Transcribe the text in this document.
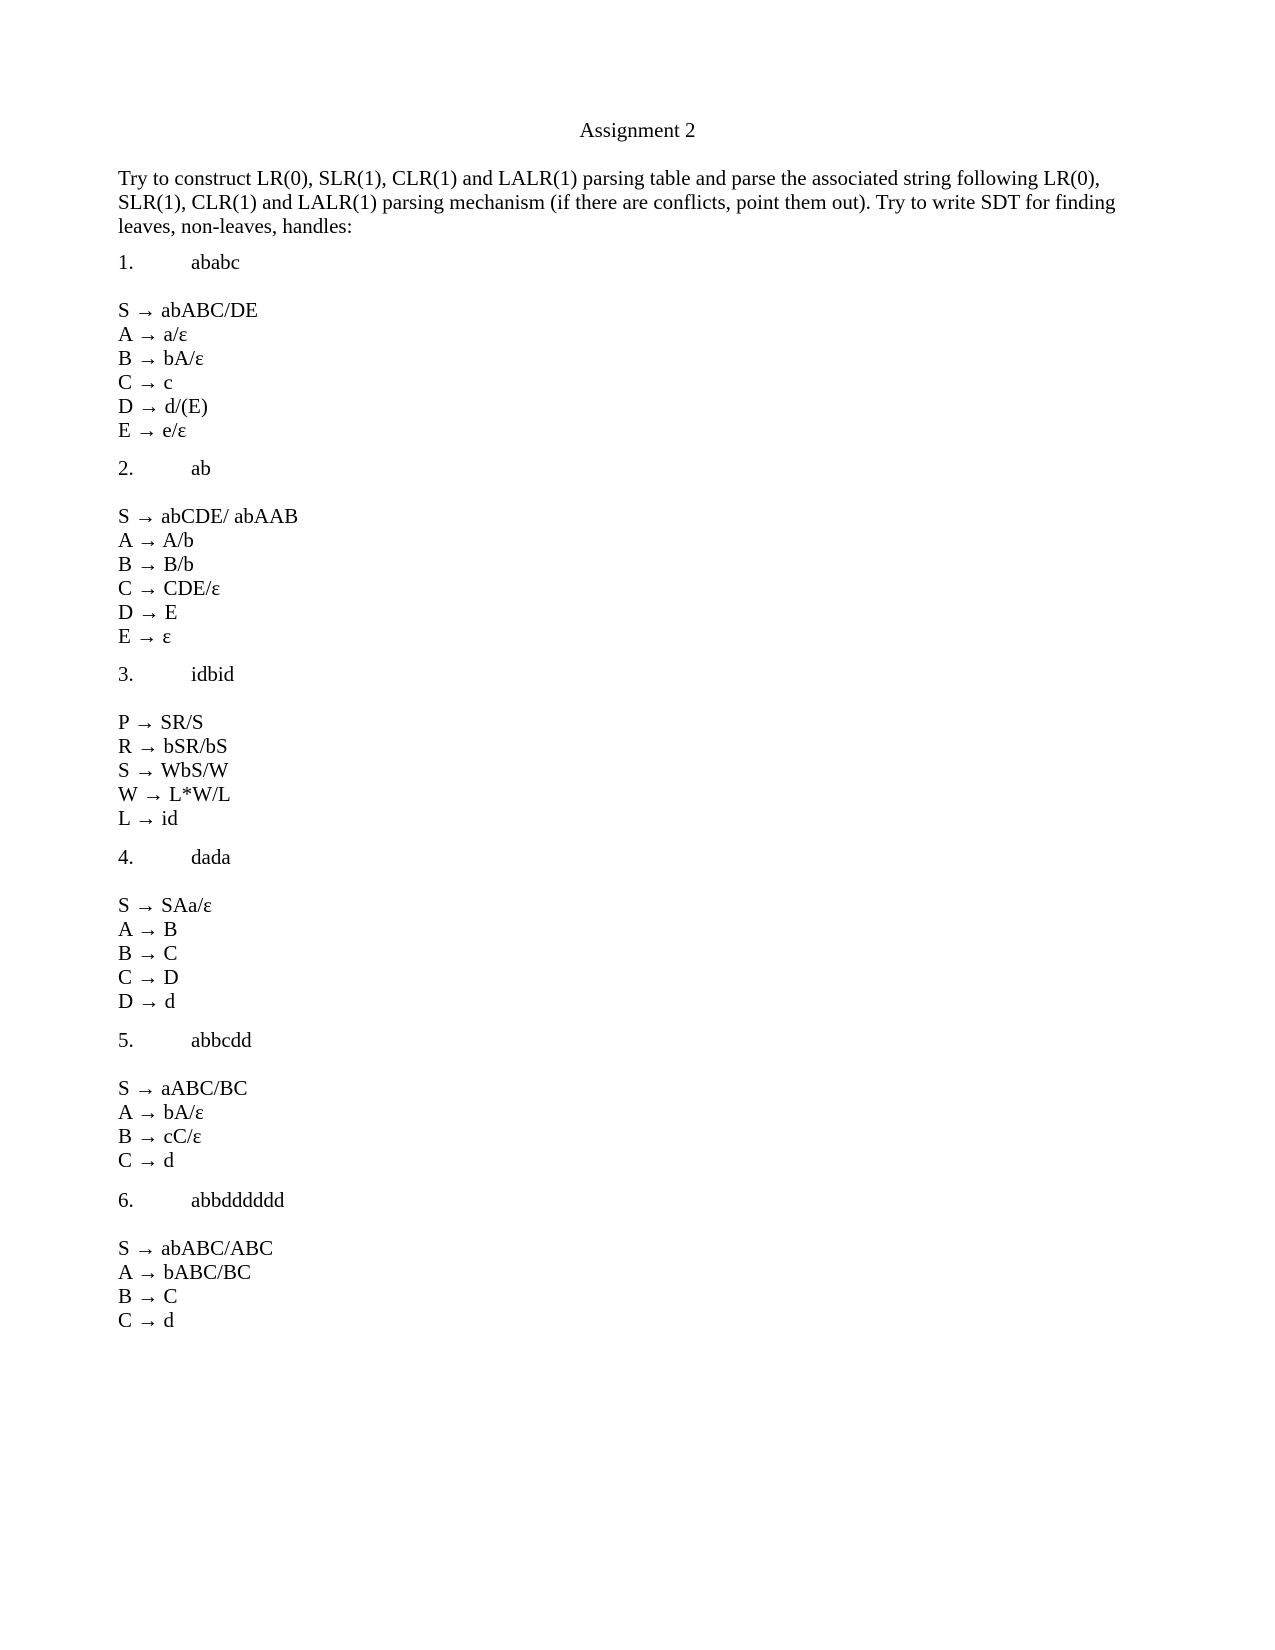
Assignment 2
Try to construct LR(0), SLR(1), CLR(1) and LALR(1) parsing table and parse the associated string following LR(0), SLR(1), CLR(1) and LALR(1) parsing mechanism (if there are conflicts, point them out). Try to write SDT for finding leaves, non-leaves, handles:
1.	ababc
S → abABC/DE
A → a/ε
B → bA/ε
C → c
D → d/(E)
E → e/ε
2.	ab
S → abCDE/ abAAB
A → A/b
B → B/b
C → CDE/ε
D → E
E → ε
3.	idbid
P → SR/S
R → bSR/bS
S → WbS/W
W → L*W/L
L → id
4.	dada
S → SAa/ε
A → B
B → C
C → D
D → d
5.	abbcdd
S → aABC/BC
A → bA/ε
B → cC/ε
C → d
6.	abbdddddd
S → abABC/ABC
A → bABC/BC
B → C
C → d
